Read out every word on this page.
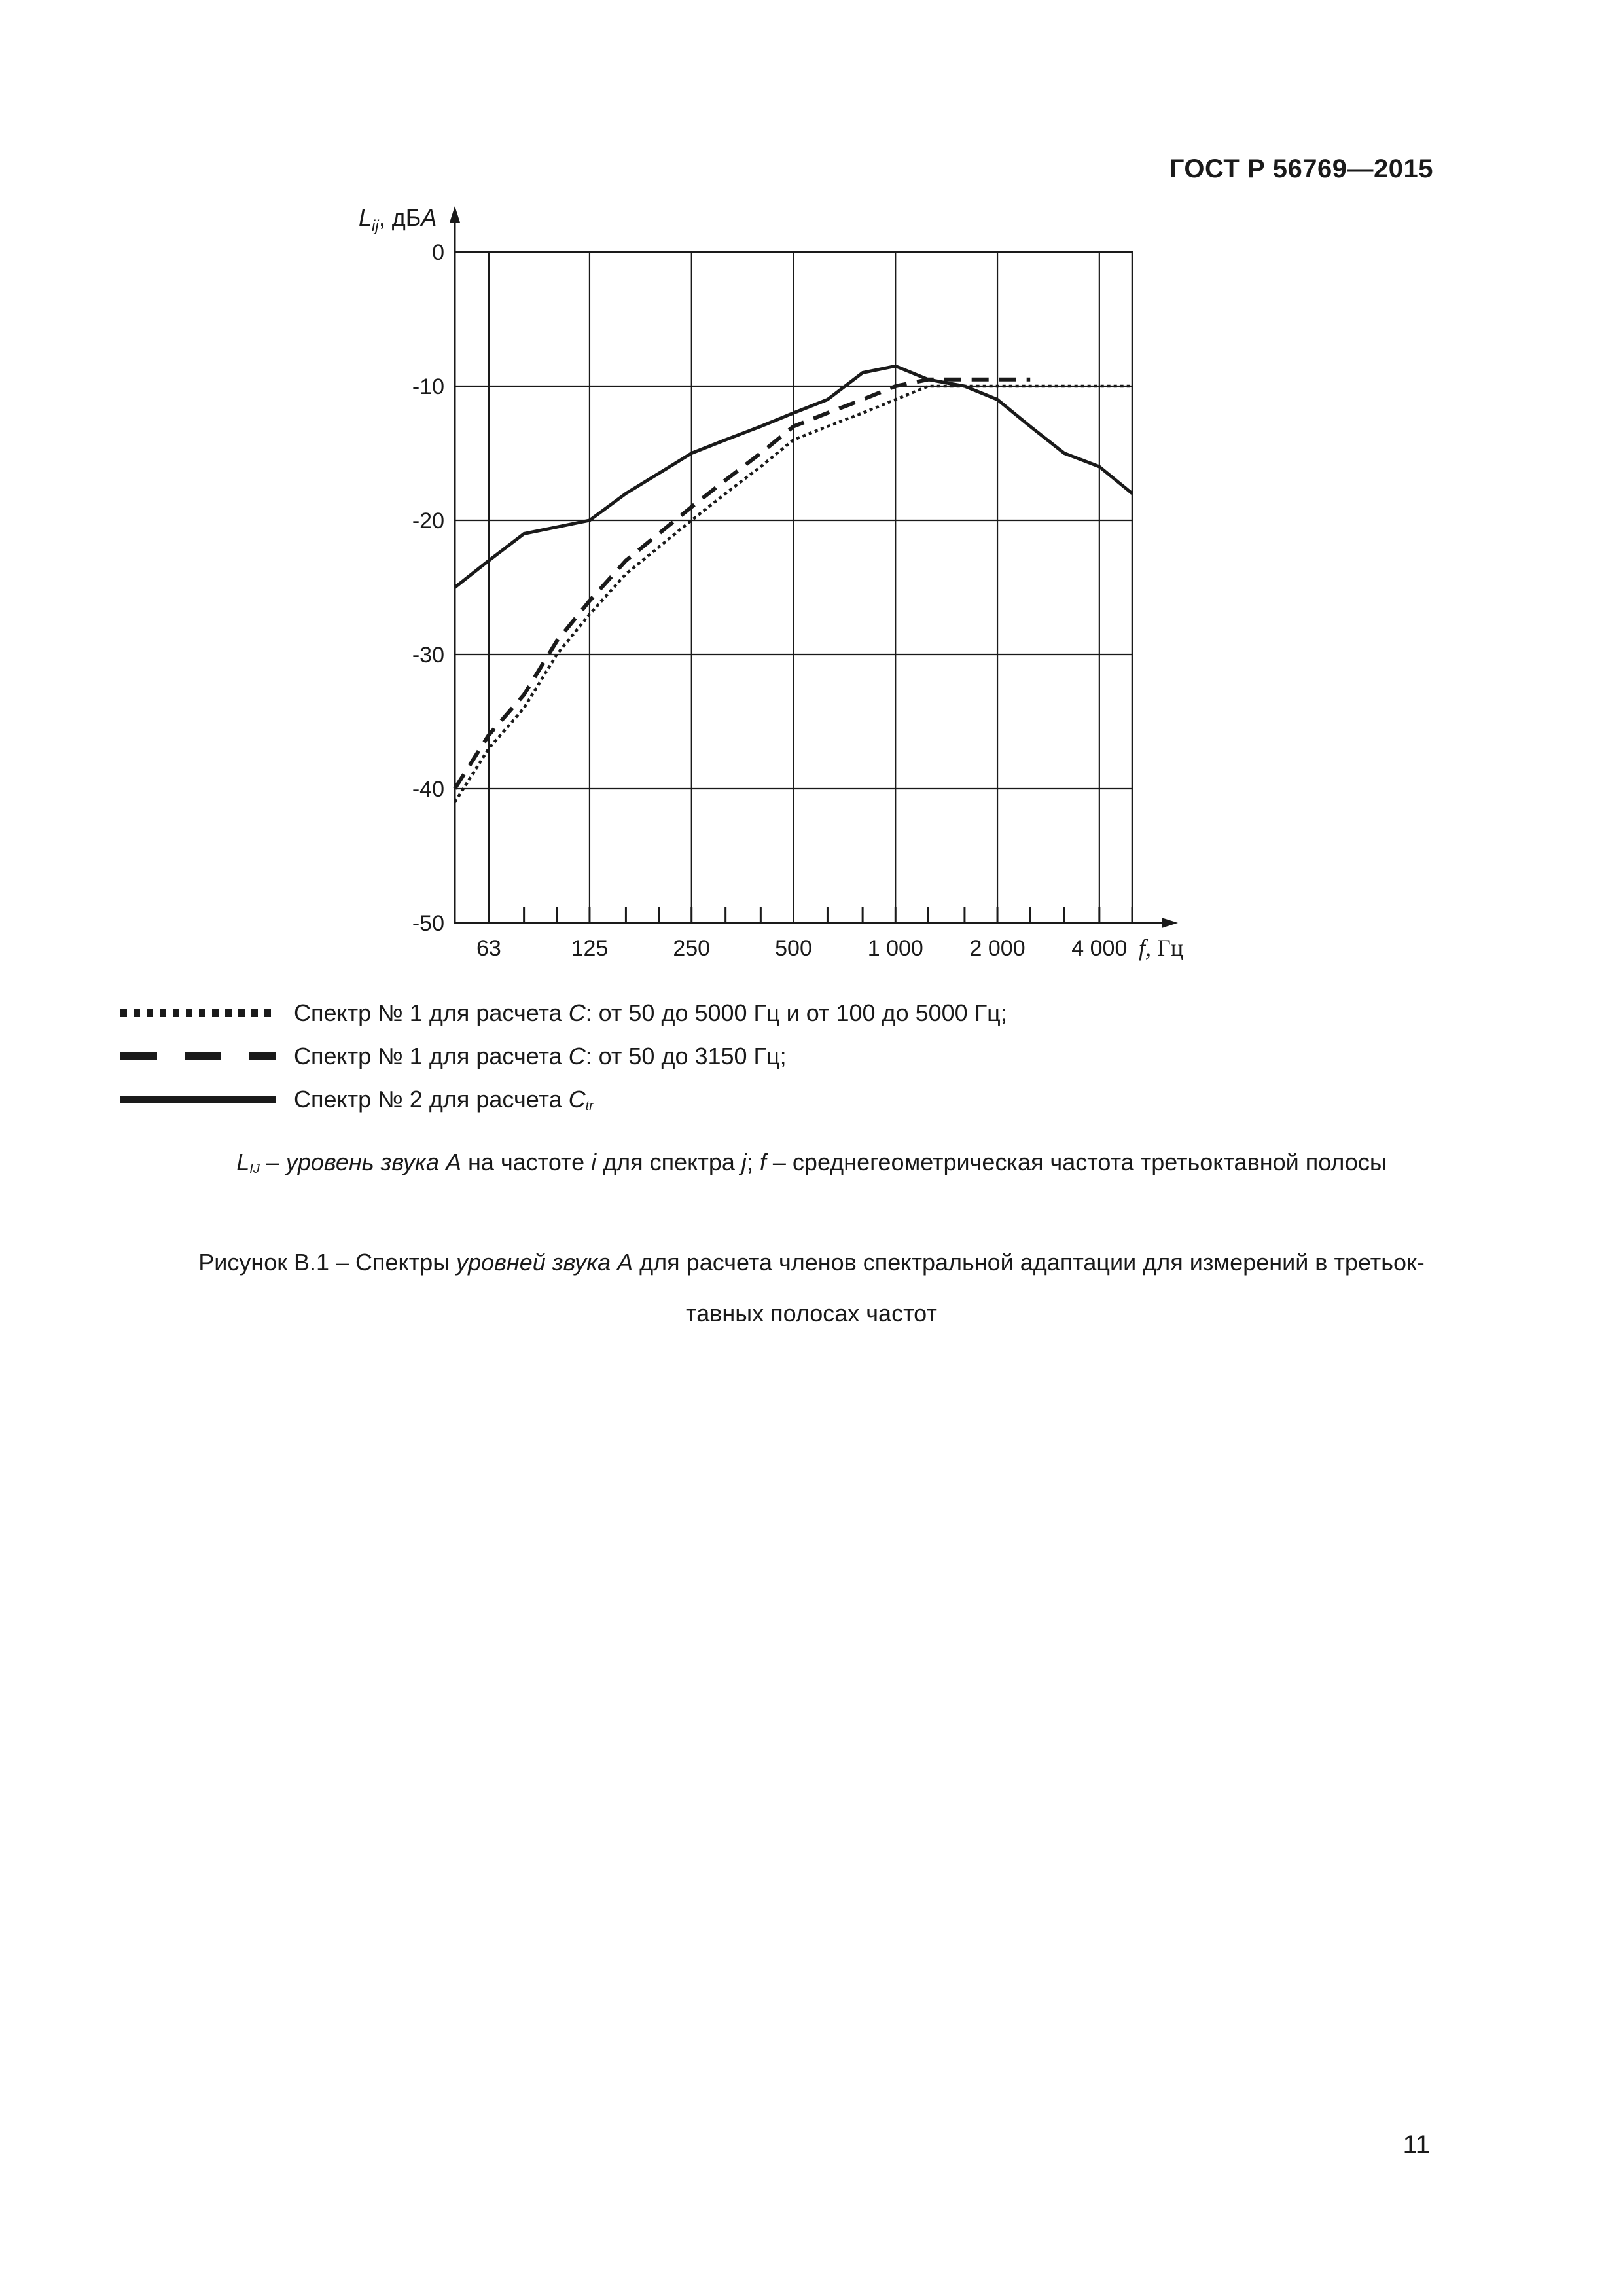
ГОСТ Р 56769—2015
0
-10
-20
-30
-40
-50
63	125	250	500 1 000 2 000 4 000
$L_{ij}$, дБА
f, Гц
Спектр № 1 для расчета C: от 50 до 5000 Гц и от 100 до 5000 Гц;
Спектр № 1 для расчета C: от 50 до 3150 Гц;
Спектр № 2 для расчета $C_{tr}$
$L_{IJ}$ – уровень звука А на частоте i для спектра j; f – среднегеометрическая частота третьоктавной полосы
Рисунок В.1 – Спектры уровней звука А для расчета членов спектральной адаптации для измерений в третьок-
тавных полосах частот
11
